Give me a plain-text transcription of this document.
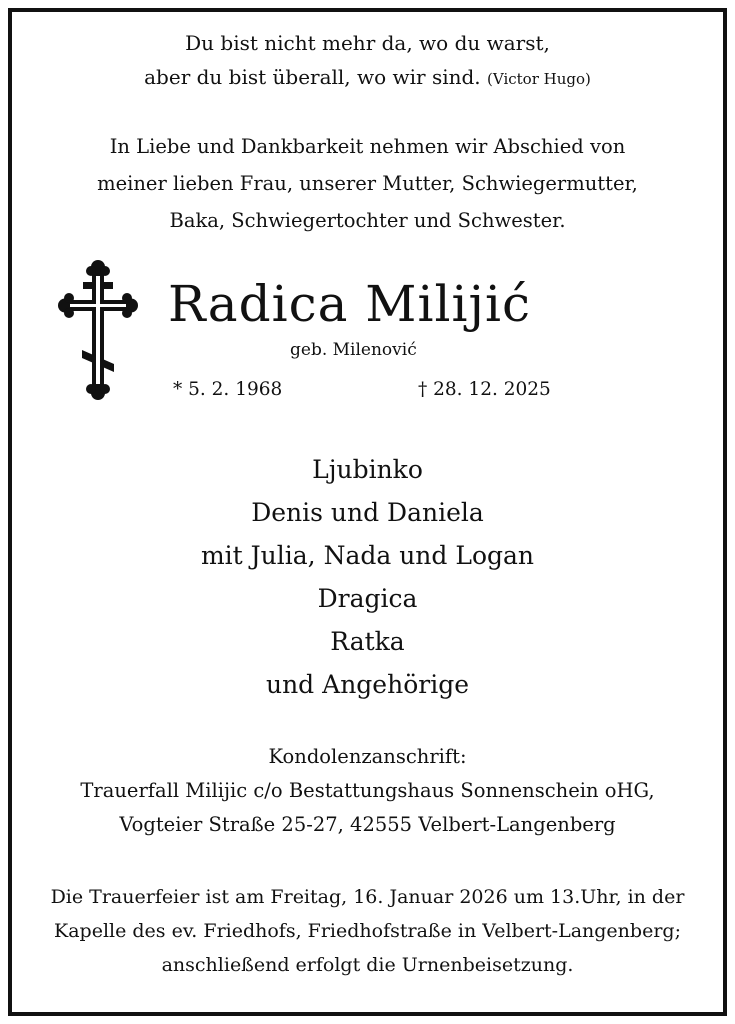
Du bist nicht mehr da, wo du warst,
aber du bist überall, wo wir sind. (Victor Hugo)
In Liebe und Dankbarkeit nehmen wir Abschied von
meiner lieben Frau, unserer Mutter, Schwiegermutter,
Baka, Schwiegertochter und Schwester.
Radica Milijić
geb. Milenović
* 5. 2. 1968	† 28. 12. 2025
Ljubinko
Denis und Daniela
mit Julia, Nada und Logan
Dragica
Ratka
und Angehörige
Kondolenzanschrift:
Trauerfall Milijic c/o Bestattungshaus Sonnenschein oHG,
Vogteier Straße 25-27, 42555 Velbert-Langenberg
Die Trauerfeier ist am Freitag, 16. Januar 2026 um 13.Uhr, in der
Kapelle des ev. Friedhofs, Friedhofstraße in Velbert-Langenberg;
anschließend erfolgt die Urnenbeisetzung.
